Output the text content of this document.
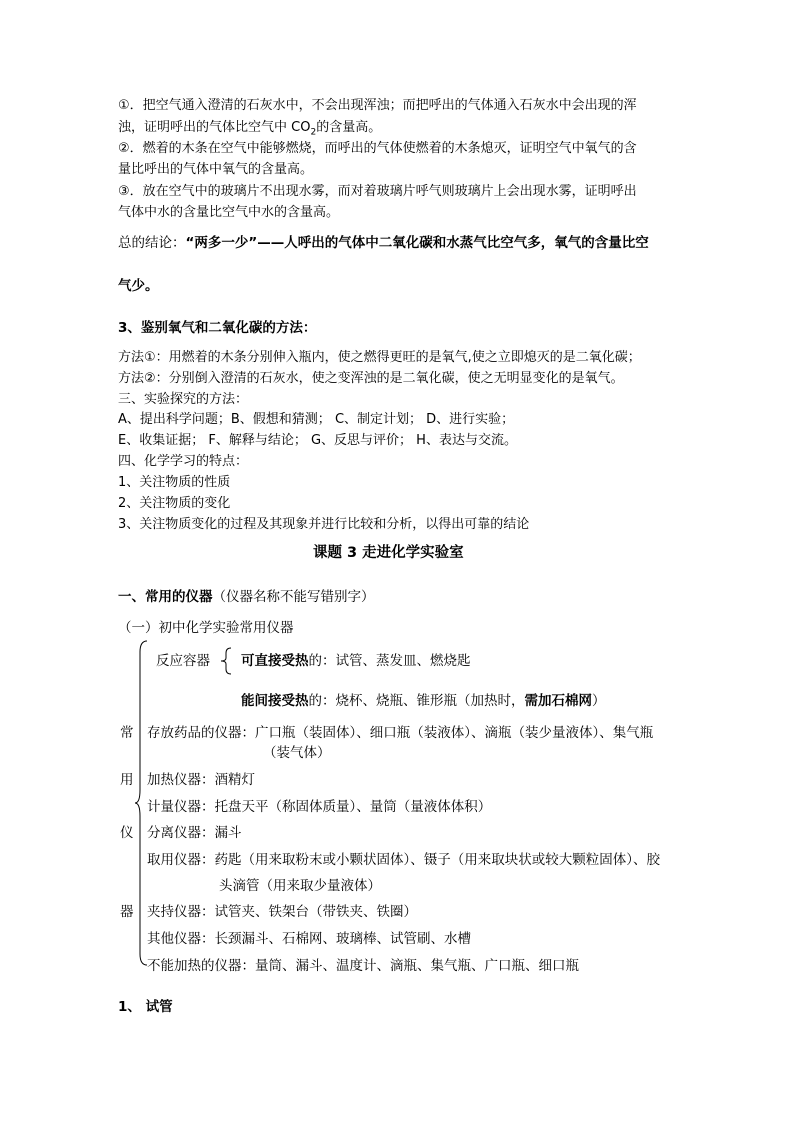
①．把空气通入澄清的石灰水中，不会出现浑浊；而把呼出的气体通入石灰水中会出现的浑
浊，证明呼出的气体比空气中 $CO_2$的含量高。
②．燃着的木条在空气中能够燃烧，而呼出的气体使燃着的木条熄灭，证明空气中氧气的含
量比呼出的气体中氧气的含量高。
③．放在空气中的玻璃片不出现水雾，而对着玻璃片呼气则玻璃片上会出现水雾，证明呼出
气体中水的含量比空气中水的含量高。
总的结论：“两多一少”——人呼出的气体中二氧化碳和水蒸气比空气多，氧气的含量比空
气少。
3、鉴别氧气和二氧化碳的方法：
方法①：用燃着的木条分别伸入瓶内，使之燃得更旺的是氧气,使之立即熄灭的是二氧化碳；
方法②：分别倒入澄清的石灰水，使之变浑浊的是二氧化碳，使之无明显变化的是氧气。
三、实验探究的方法：
A、提出科学问题；B、假想和猜测； C、制定计划； D、进行实验；
E、收集证据； F、解释与结论； G、反思与评价； H、表达与交流。
四、化学学习的特点：
1、关注物质的性质
2、关注物质的变化
3、关注物质变化的过程及其现象并进行比较和分析，以得出可靠的结论
课题 3 走进化学实验室
一、常用的仪器（仪器名称不能写错别字）
（一）初中化学实验常用仪器
常
用
仪
器
反应容器 可直接受热的：试管、蒸发皿、燃烧匙
能间接受热的：烧杯、烧瓶、锥形瓶（加热时，需加石棉网）
存放药品的仪器：广口瓶（装固体）、细口瓶（装液体）、滴瓶（装少量液体）、集气瓶
（装气体）
加热仪器：酒精灯
计量仪器：托盘天平（称固体质量）、量筒（量液体体积）
分离仪器：漏斗
取用仪器：药匙（用来取粉末或小颗状固体）、镊子（用来取块状或较大颗粒固体）、胶
头滴管（用来取少量液体）
夹持仪器：试管夹、铁架台（带铁夹、铁圈）
其他仪器：长颈漏斗、石棉网、玻璃棒、试管刷、水槽
不能加热的仪器：量筒、漏斗、温度计、滴瓶、集气瓶、广口瓶、细口瓶
1、 试管
